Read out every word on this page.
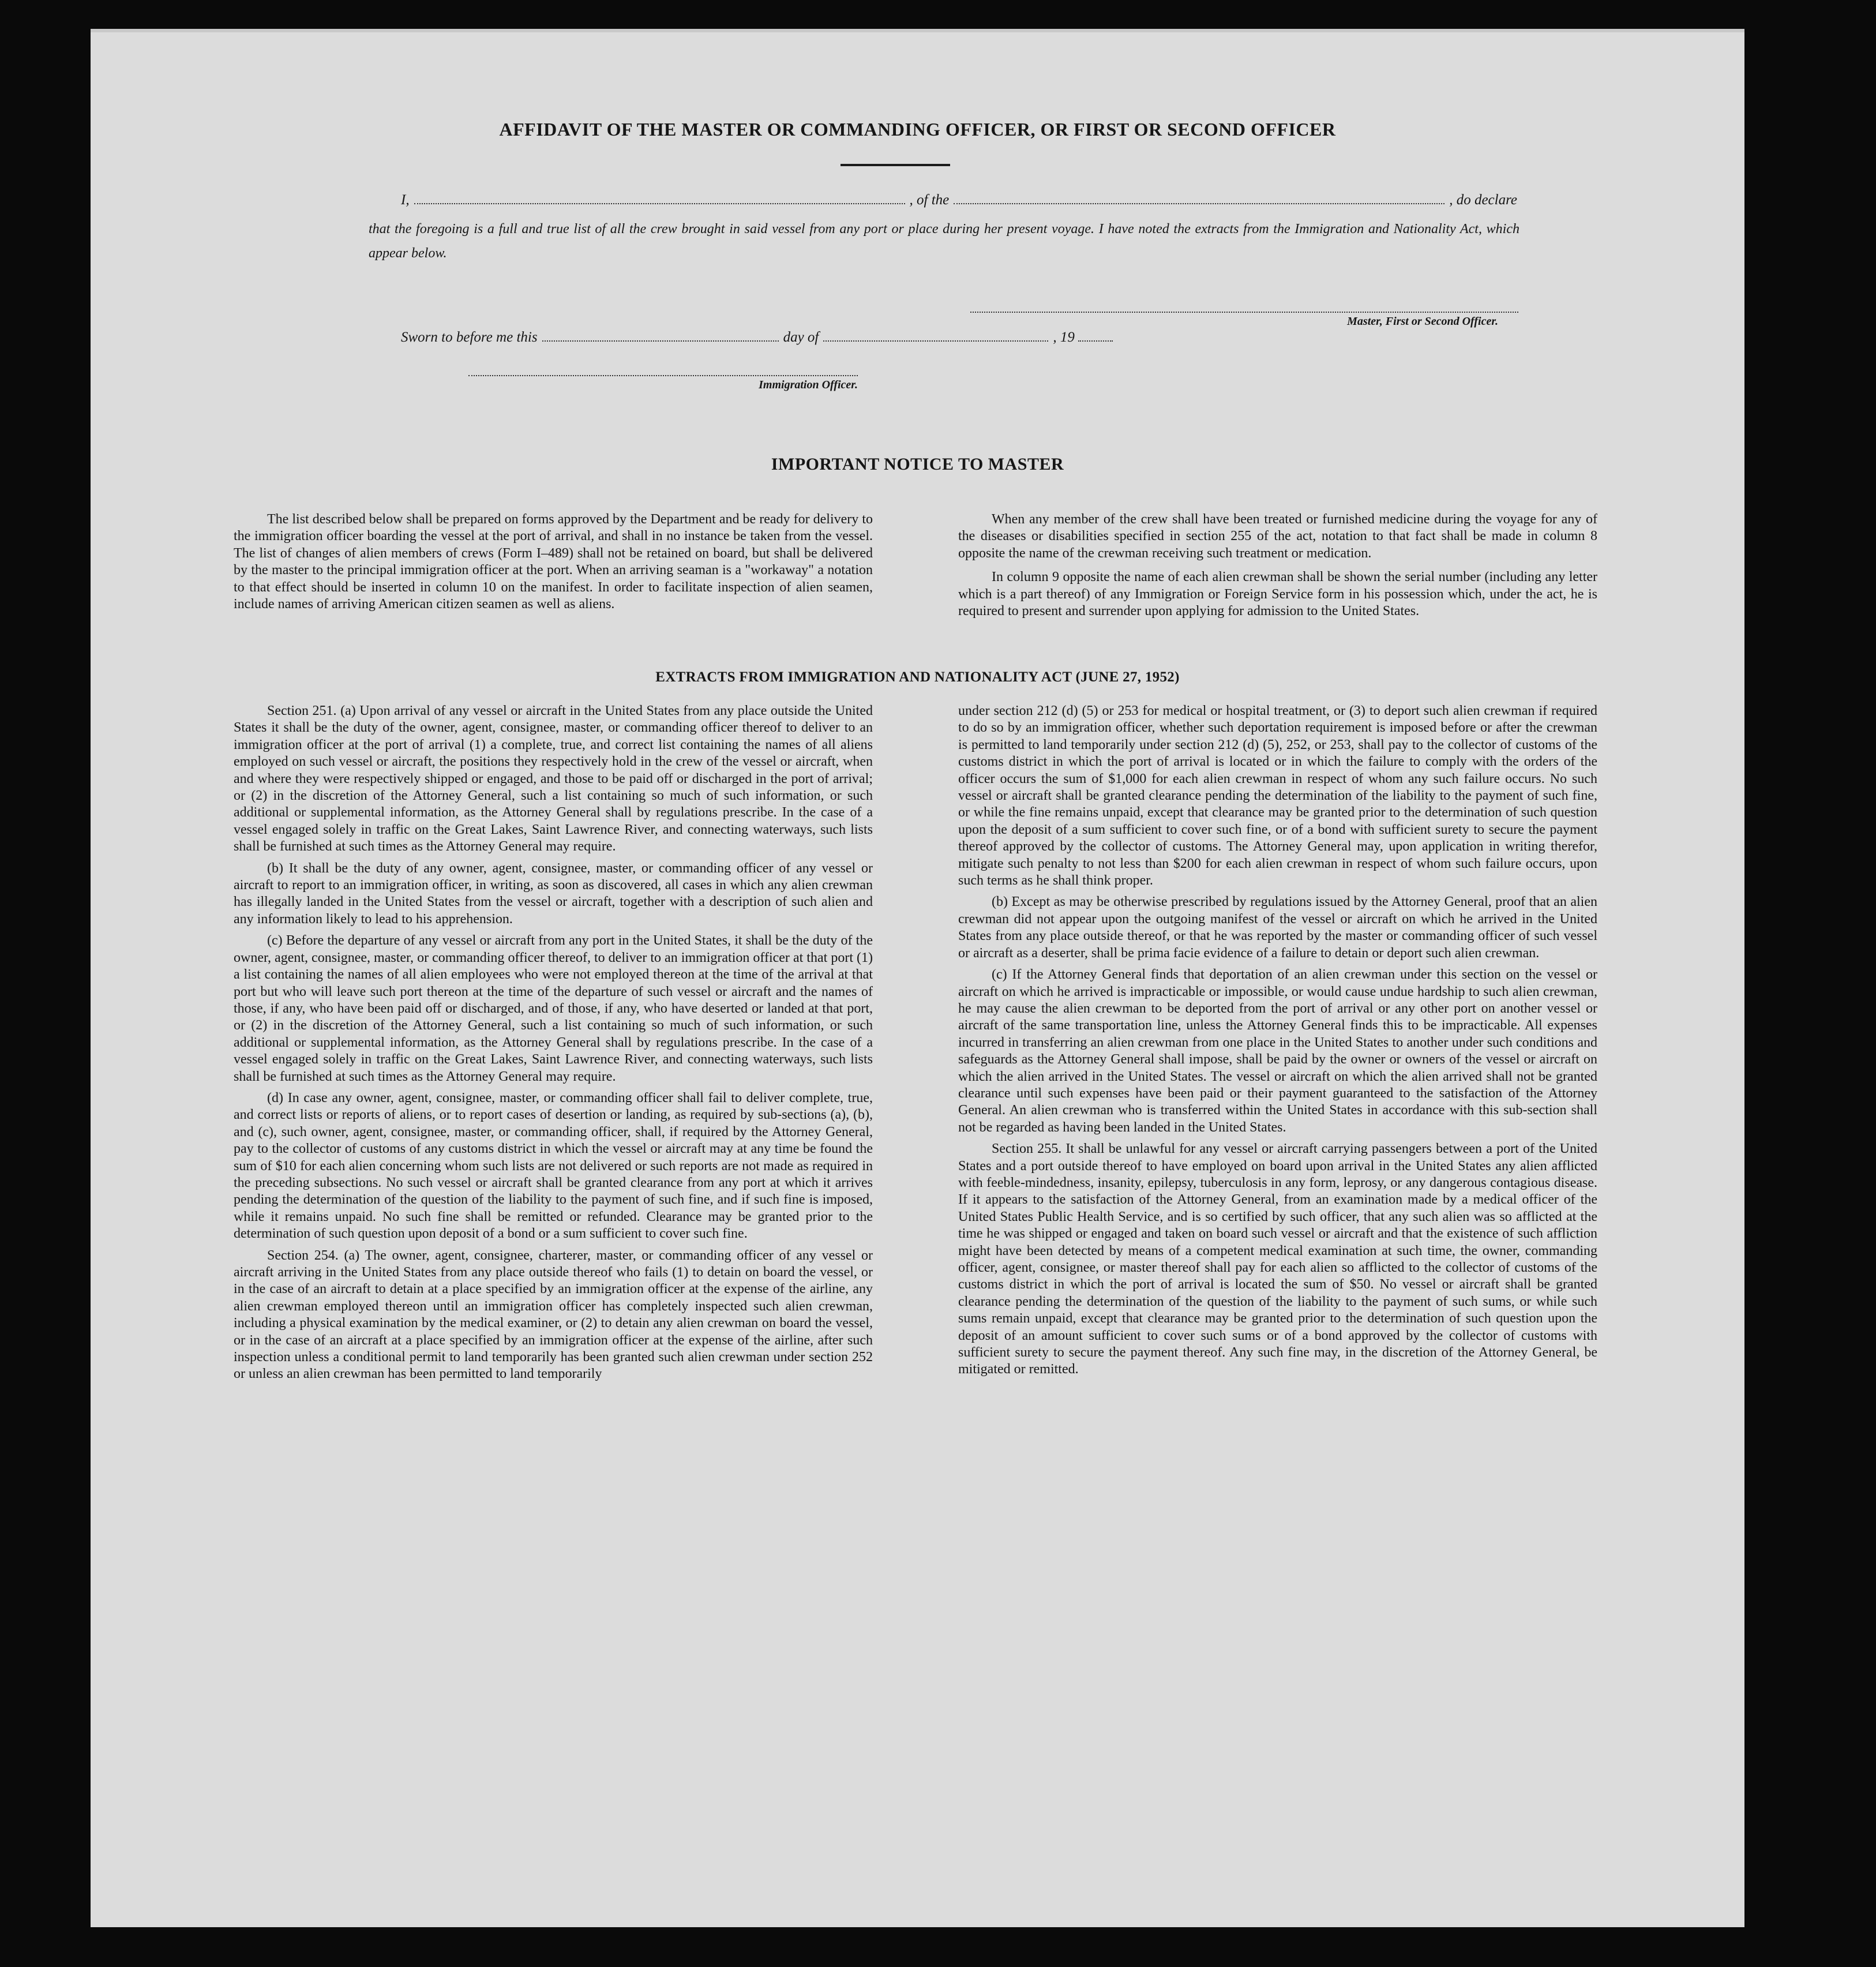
AFFIDAVIT OF THE MASTER OR COMMANDING OFFICER, OR FIRST OR SECOND OFFICER
I,	, of the	, do declare
that the foregoing is a full and true list of all the crew brought in said vessel from any port or place during her present voyage. I have noted the extracts from the Immigration and Nationality Act, which appear below.
Master, First or Second Officer.
Sworn to before me this	day of	, 19
Immigration Officer.
IMPORTANT NOTICE TO MASTER

The list described below shall be prepared on forms approved by the Department and be ready for delivery to the immigration officer boarding the vessel at the port of arrival, and shall in no instance be taken from the vessel. The list of changes of alien members of crews (Form I–489) shall not be retained on board, but shall be delivered by the master to the principal immigration officer at the port. When an arriving seaman is a "workaway" a notation to that effect should be inserted in column 10 on the manifest. In order to facilitate inspection of alien seamen, include names of arriving American citizen seamen as well as aliens.

When any member of the crew shall have been treated or furnished medicine during the voyage for any of the diseases or disabilities specified in section 255 of the act, notation to that fact shall be made in column 8 opposite the name of the crewman receiving such treatment or medication.

In column 9 opposite the name of each alien crewman shall be shown the serial number (including any letter which is a part thereof) of any Immigration or Foreign Service form in his possession which, under the act, he is required to present and surrender upon applying for admission to the United States.

EXTRACTS FROM IMMIGRATION AND NATIONALITY ACT (JUNE 27, 1952)

Section 251. (a) Upon arrival of any vessel or aircraft in the United States from any place outside the United States it shall be the duty of the owner, agent, consignee, master, or commanding officer thereof to deliver to an immigration officer at the port of arrival (1) a complete, true, and correct list containing the names of all aliens employed on such vessel or aircraft, the positions they respectively hold in the crew of the vessel or aircraft, when and where they were respectively shipped or engaged, and those to be paid off or discharged in the port of arrival; or (2) in the discretion of the Attorney General, such a list containing so much of such information, or such additional or supplemental information, as the Attorney General shall by regulations prescribe. In the case of a vessel engaged solely in traffic on the Great Lakes, Saint Lawrence River, and connecting waterways, such lists shall be furnished at such times as the Attorney General may require.

(b) It shall be the duty of any owner, agent, consignee, master, or commanding officer of any vessel or aircraft to report to an immigration officer, in writing, as soon as discovered, all cases in which any alien crewman has illegally landed in the United States from the vessel or aircraft, together with a description of such alien and any information likely to lead to his apprehension.

(c) Before the departure of any vessel or aircraft from any port in the United States, it shall be the duty of the owner, agent, consignee, master, or commanding officer thereof, to deliver to an immigration officer at that port (1) a list containing the names of all alien employees who were not employed thereon at the time of the arrival at that port but who will leave such port thereon at the time of the departure of such vessel or aircraft and the names of those, if any, who have been paid off or discharged, and of those, if any, who have deserted or landed at that port, or (2) in the discretion of the Attorney General, such a list containing so much of such information, or such additional or supplemental information, as the Attorney General shall by regulations prescribe. In the case of a vessel engaged solely in traffic on the Great Lakes, Saint Lawrence River, and connecting waterways, such lists shall be furnished at such times as the Attorney General may require.

(d) In case any owner, agent, consignee, master, or commanding officer shall fail to deliver complete, true, and correct lists or reports of aliens, or to report cases of desertion or landing, as required by sub-sections (a), (b), and (c), such owner, agent, consignee, master, or commanding officer, shall, if required by the Attorney General, pay to the collector of customs of any customs district in which the vessel or aircraft may at any time be found the sum of $10 for each alien concerning whom such lists are not delivered or such reports are not made as required in the preceding subsections. No such vessel or aircraft shall be granted clearance from any port at which it arrives pending the determination of the question of the liability to the payment of such fine, and if such fine is imposed, while it remains unpaid. No such fine shall be remitted or refunded. Clearance may be granted prior to the determination of such question upon deposit of a bond or a sum sufficient to cover such fine.

Section 254. (a) The owner, agent, consignee, charterer, master, or commanding officer of any vessel or aircraft arriving in the United States from any place outside thereof who fails (1) to detain on board the vessel, or in the case of an aircraft to detain at a place specified by an immigration officer at the expense of the airline, any alien crewman employed thereon until an immigration officer has completely inspected such alien crewman, including a physical examination by the medical examiner, or (2) to detain any alien crewman on board the vessel, or in the case of an aircraft at a place specified by an immigration officer at the expense of the airline, after such inspection unless a conditional permit to land temporarily has been granted such alien crewman under section 252 or unless an alien crewman has been permitted to land temporarily

under section 212 (d) (5) or 253 for medical or hospital treatment, or (3) to deport such alien crewman if required to do so by an immigration officer, whether such deportation requirement is imposed before or after the crewman is permitted to land temporarily under section 212 (d) (5), 252, or 253, shall pay to the collector of customs of the customs district in which the port of arrival is located or in which the failure to comply with the orders of the officer occurs the sum of $1,000 for each alien crewman in respect of whom any such failure occurs. No such vessel or aircraft shall be granted clearance pending the determination of the liability to the payment of such fine, or while the fine remains unpaid, except that clearance may be granted prior to the determination of such question upon the deposit of a sum sufficient to cover such fine, or of a bond with sufficient surety to secure the payment thereof approved by the collector of customs. The Attorney General may, upon application in writing therefor, mitigate such penalty to not less than $200 for each alien crewman in respect of whom such failure occurs, upon such terms as he shall think proper.

(b) Except as may be otherwise prescribed by regulations issued by the Attorney General, proof that an alien crewman did not appear upon the outgoing manifest of the vessel or aircraft on which he arrived in the United States from any place outside thereof, or that he was reported by the master or commanding officer of such vessel or aircraft as a deserter, shall be prima facie evidence of a failure to detain or deport such alien crewman.

(c) If the Attorney General finds that deportation of an alien crewman under this section on the vessel or aircraft on which he arrived is impracticable or impossible, or would cause undue hardship to such alien crewman, he may cause the alien crewman to be deported from the port of arrival or any other port on another vessel or aircraft of the same transportation line, unless the Attorney General finds this to be impracticable. All expenses incurred in transferring an alien crewman from one place in the United States to another under such conditions and safeguards as the Attorney General shall impose, shall be paid by the owner or owners of the vessel or aircraft on which the alien arrived in the United States. The vessel or aircraft on which the alien arrived shall not be granted clearance until such expenses have been paid or their payment guaranteed to the satisfaction of the Attorney General. An alien crewman who is transferred within the United States in accordance with this sub-section shall not be regarded as having been landed in the United States.

Section 255. It shall be unlawful for any vessel or aircraft carrying passengers between a port of the United States and a port outside thereof to have employed on board upon arrival in the United States any alien afflicted with feeble-mindedness, insanity, epilepsy, tuberculosis in any form, leprosy, or any dangerous contagious disease. If it appears to the satisfaction of the Attorney General, from an examination made by a medical officer of the United States Public Health Service, and is so certified by such officer, that any such alien was so afflicted at the time he was shipped or engaged and taken on board such vessel or aircraft and that the existence of such affliction might have been detected by means of a competent medical examination at such time, the owner, commanding officer, agent, consignee, or master thereof shall pay for each alien so afflicted to the collector of customs of the customs district in which the port of arrival is located the sum of $50. No vessel or aircraft shall be granted clearance pending the determination of the question of the liability to the payment of such sums, or while such sums remain unpaid, except that clearance may be granted prior to the determination of such question upon the deposit of an amount sufficient to cover such sums or of a bond approved by the collector of customs with sufficient surety to secure the payment thereof. Any such fine may, in the discretion of the Attorney General, be mitigated or remitted.
